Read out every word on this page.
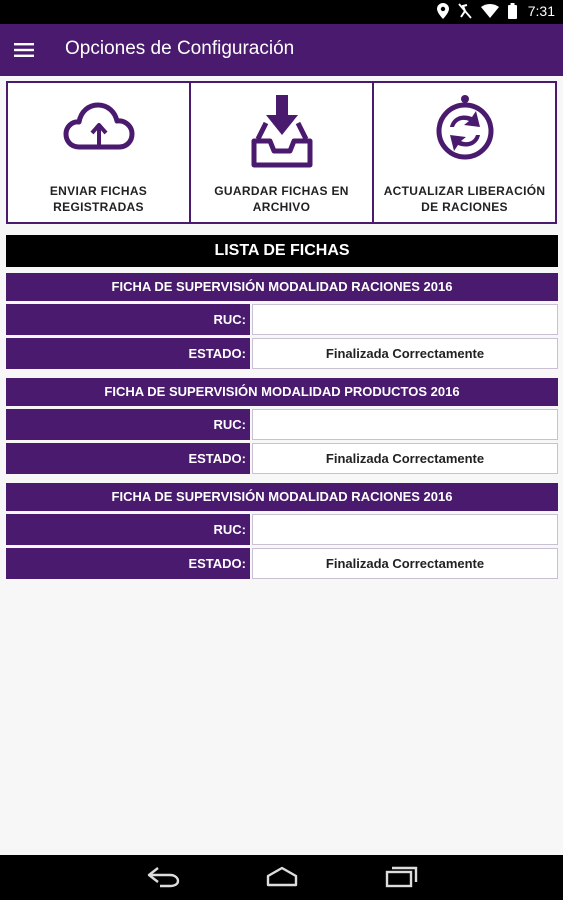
7:31
Opciones de Configuración
ENVIAR FICHAS REGISTRADAS
GUARDAR FICHAS EN ARCHIVO
ACTUALIZAR LIBERACIÓN DE RACIONES
LISTA DE FICHAS
FICHA DE SUPERVISIÓN MODALIDAD RACIONES 2016
RUC:
ESTADO:	Finalizada Correctamente
FICHA DE SUPERVISIÓN MODALIDAD PRODUCTOS 2016
RUC:
ESTADO:	Finalizada Correctamente
FICHA DE SUPERVISIÓN MODALIDAD RACIONES 2016
RUC:
ESTADO:	Finalizada Correctamente
